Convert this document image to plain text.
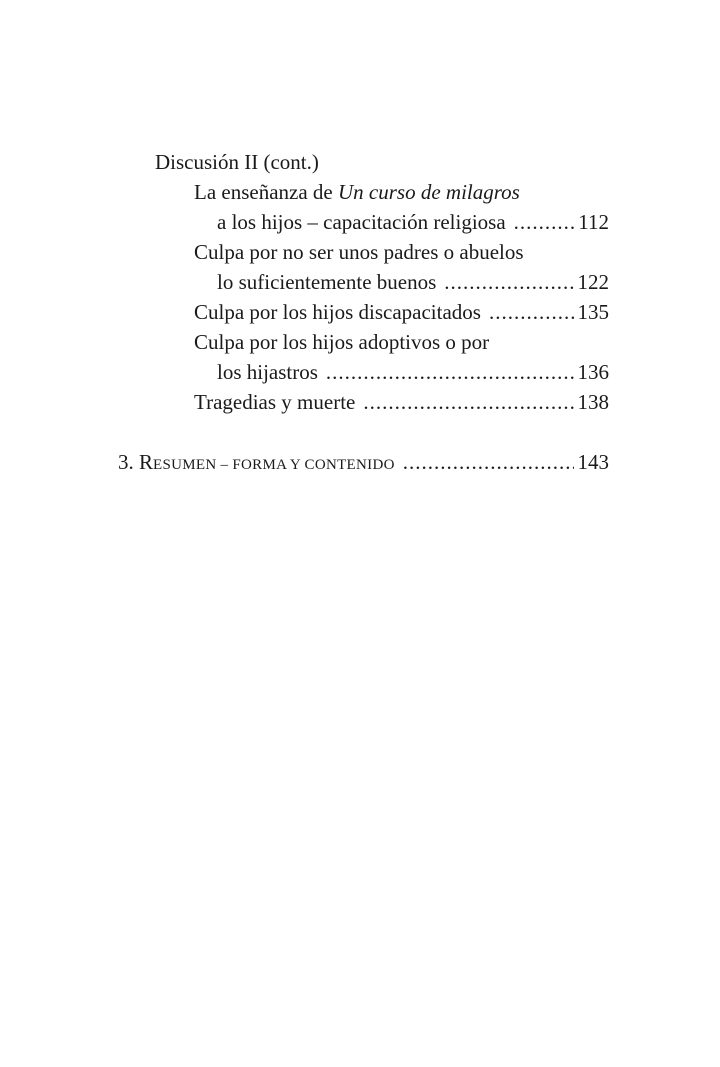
Discusión II (cont.)
La enseñanza de Un curso de milagros
a los hijos – capacitación religiosa .....	112
Culpa por no ser unos padres o abuelos
lo suficientemente buenos .....	122
Culpa por los hijos discapacitados .....	135
Culpa por los hijos adoptivos o por
los hijastros .....	136
Tragedias y muerte .....	138
3. RESUMEN – FORMA Y CONTENIDO .....	143
